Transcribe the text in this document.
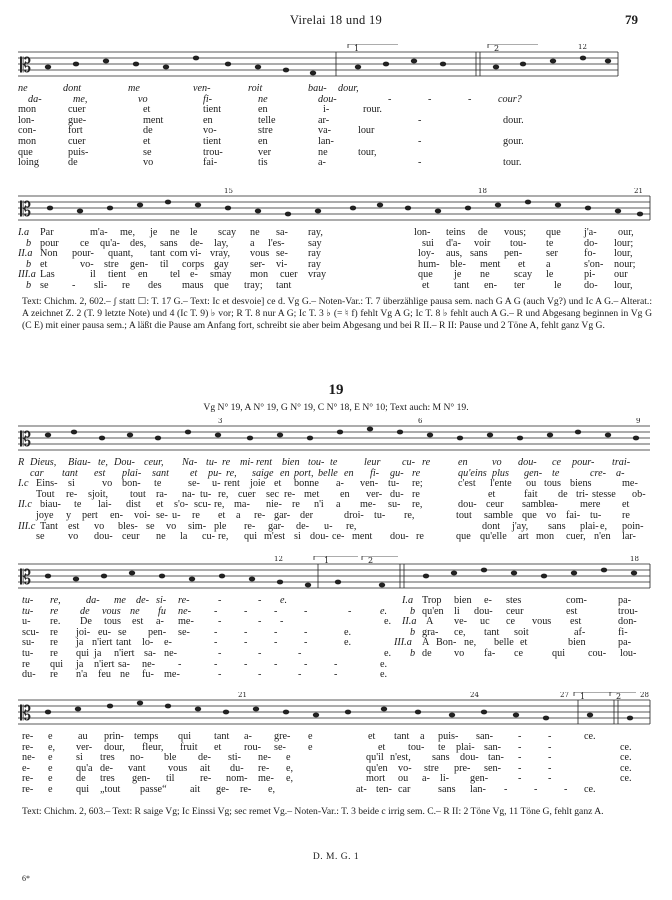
Virelai 18 und 19	79
𝄡
1	2	12
ne	dont	me	ven-	roit	bau- dour,
da-	me,	vo	fi-	ne	dou-	-	-	-	cour?
mon	cuer	et	tient	en	i-	rour.
lon-	gue-	ment	en	telle	ar-	-	dour.
con-	fort	de	vo-	stre	va-	lour
mon	cuer	et	tient	en	lan-	-	gour.
que	puis-	se	trou-	ver	ne	tour,
loing	de	vo	fai-	tis	a-	-	tour.
𝄡
15	18	21
I.a Par	m'a- me, je ne le scay ne sa- ray,	lon- teins de vous; que j'a- our,
b pour ce qu'a- des, sans de- lay, a l'es- say	sui d'a- voir tou- te	do- lour;
II.a Non pour- quant, tant com vi- vray, vous se- ray	loy- aus, sans pen- ser	fo- lour,
b et	vo- stre gen- til corps gay ser- vi- ray	hum- ble- ment et a	s'on- nour;
III.a Las	il tient en tel e- smay mon cuer vray	que je ne scay le	pi- our
b se - sli- re des maus que tray; tant	et tant en- ter	le do- lour,
Text: Chichm. 2, 602.– ʃ statt ☐: T. 17 G.– Text: Ic et desvoie] ce d. Vg G.– Noten-Var.: T. 7 überzählige pausa sem. nach G A G (auch Vg?) und Ic A G.– Alterat.: A zeichnet Z. 2 (T. 9 letzte Note) und 4 (Ic T. 9) ♭ vor; R T. 8 nur A G; Ic T. 3 ♭ (= ♮ f) fehlt Vg A G; Ic T. 8 ♭ fehlt auch A G.– R und Abgesang beginnen in Vg G (C E) mit einer pausa sem.; A läßt die Pause am Anfang fort, schreibt sie aber beim Abgesang und bei R II.– R II: Pause und 2 Töne A, fehlt ganz Vg G.
19
Vg N° 19, A N° 19, G N° 19, C N° 18, E N° 10; Text auch: M N° 19.
𝄡
3	6	9
R Dieus, Biau- te, Dou- ceur, Na- tu- re mi- rent bien tou- te	leur cu- re	en vo dou- ce pour- trai-
car tant est plai- sant et pu- re, saige en port, belle en fi- gu- re	qu'eins plus gen- te	cre- a-
I.c Eins- si	vo bon- te	se- u- rent joie et bonne a- ven- tu- re;	c'est l'ente ou tous biens	me-
Tout re- sjoit, tout ra- na- tu- re, cuer sec re- met en ver- du- re	et	fait de tri- stesse ob-
II.c biau- te lai- dist et s'o- scu- re, ma- nie- re n'i a me- su- re,	dou- ceur samble a- mere et
joye y pert en- voi- se- u- re et a re- gar- der	droi- tu- re,	tout samble que vo fai- tu- re
III.c Tant est vo bles- se vo sim- ple re- gar- de- u- re,	dont j'ay, sans plai- e, poin-
se vo dou- ceur ne la cu- re, qui m'est si dou- ce- ment dou- re	que qu'elle art mon cuer, n'en lar-
𝄡
12	1	2	18
tu- re, da- me de- si- re-	-	- e.	I.a Trop bien e- stes	com-	pa-
tu- re de vous ne fu ne- -	-	-	-	-	e. b qu'en li dou- ceur	est	trou-
u- re. De tous est a- me- -	- -	e. II.a A ve- uc ce vous est	don-
scu- re joi- eu- se pen- se- -	-	-	-	e.	b gra- ce, tant soit	af-	fi-
su- re ja n'iert tant lo- e-	-	-	-	-	e.	III.a A Bon- ne, belle et	bien	pa-
tu- re qui ja n'iert sa- ne-	-	-	-	e. b de vo fa- ce	qui cou- lou-
re qui ja n'iert sa- ne- -	-	-	-	-	-	e.
du- re n'a feu ne fu- me-	-	-	-	-	e.
𝄡
21	24	27 1	2	28
re- e au prin- temps qui tant a- gre- e	et tant a puis- san- -	-	ce.
re- e, ver- dour, fleur, fruit et rou- se- e	et tou- te plai- san- -	-	ce.
ne- e si tres no- ble de- sti- ne- e	qu'il n'est, sans dou- tan- -	-	ce.
e- e qu'a de- vant vous ait du- re- e,	qu'en vo- stre pre- sen- -	-	ce.
re- e de tres gen- til	re- nom- me- e,	mort ou a- li- gen-	-	-	ce.
re- e qui „tout passe“ ait ge- re- e,	at- ten- car	sans lan- -	-	- ce.
Text: Chichm. 2, 603.– Text: R saige Vg; Ic Einssi Vg; sec remet Vg.– Noten-Var.: T. 3 beide c irrig sem. C.– R II: 2 Töne Vg, 11 Töne G, fehlt ganz A.
D. M. G. 1
6*
